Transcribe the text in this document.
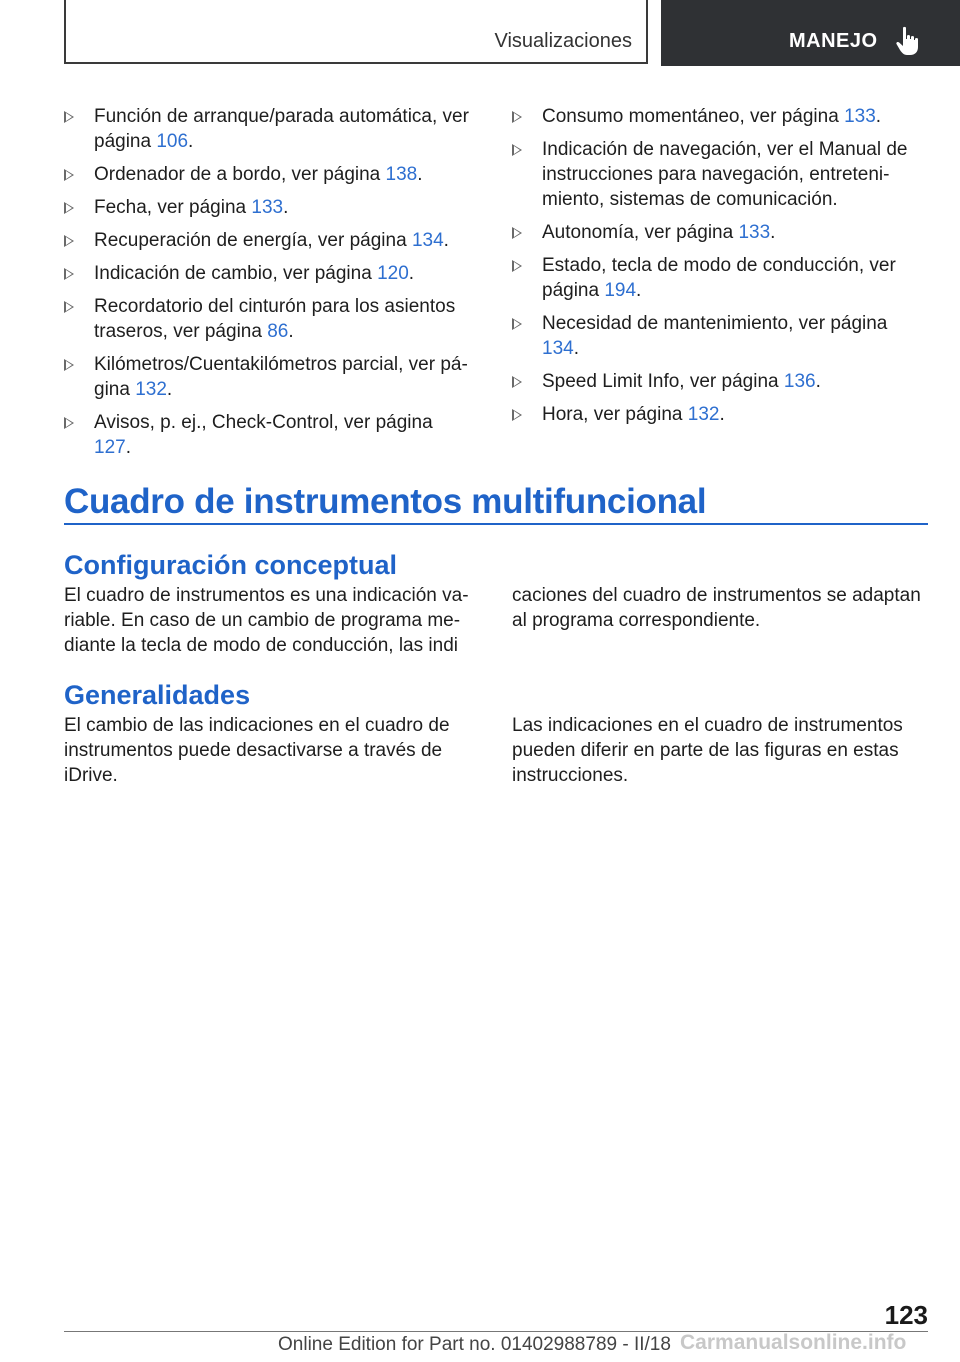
Visualizaciones	MANEJO
Función de arranque/parada automática, ver página 106.
Ordenador de a bordo, ver página 138.
Fecha, ver página 133.
Recuperación de energía, ver página 134.
Indicación de cambio, ver página 120.
Recordatorio del cinturón para los asientos traseros, ver página 86.
Kilómetros/Cuentakilómetros parcial, ver página 132.
Avisos, p. ej., Check-Control, ver página 127.
Consumo momentáneo, ver página 133.
Indicación de navegación, ver el Manual de instrucciones para navegación, entretenimiento, sistemas de comunicación.
Autonomía, ver página 133.
Estado, tecla de modo de conducción, ver página 194.
Necesidad de mantenimiento, ver página 134.
Speed Limit Info, ver página 136.
Hora, ver página 132.
Cuadro de instrumentos multifuncional
Configuración conceptual
El cuadro de instrumentos es una indicación variable. En caso de un cambio de programa mediante la tecla de modo de conducción, las indi
caciones del cuadro de instrumentos se adaptan al programa correspondiente.
Generalidades
El cambio de las indicaciones en el cuadro de instrumentos puede desactivarse a través de iDrive.
Las indicaciones en el cuadro de instrumentos pueden diferir en parte de las figuras en estas instrucciones.
123
Online Edition for Part no. 01402988789 - II/18 Carmanualsonline.info
